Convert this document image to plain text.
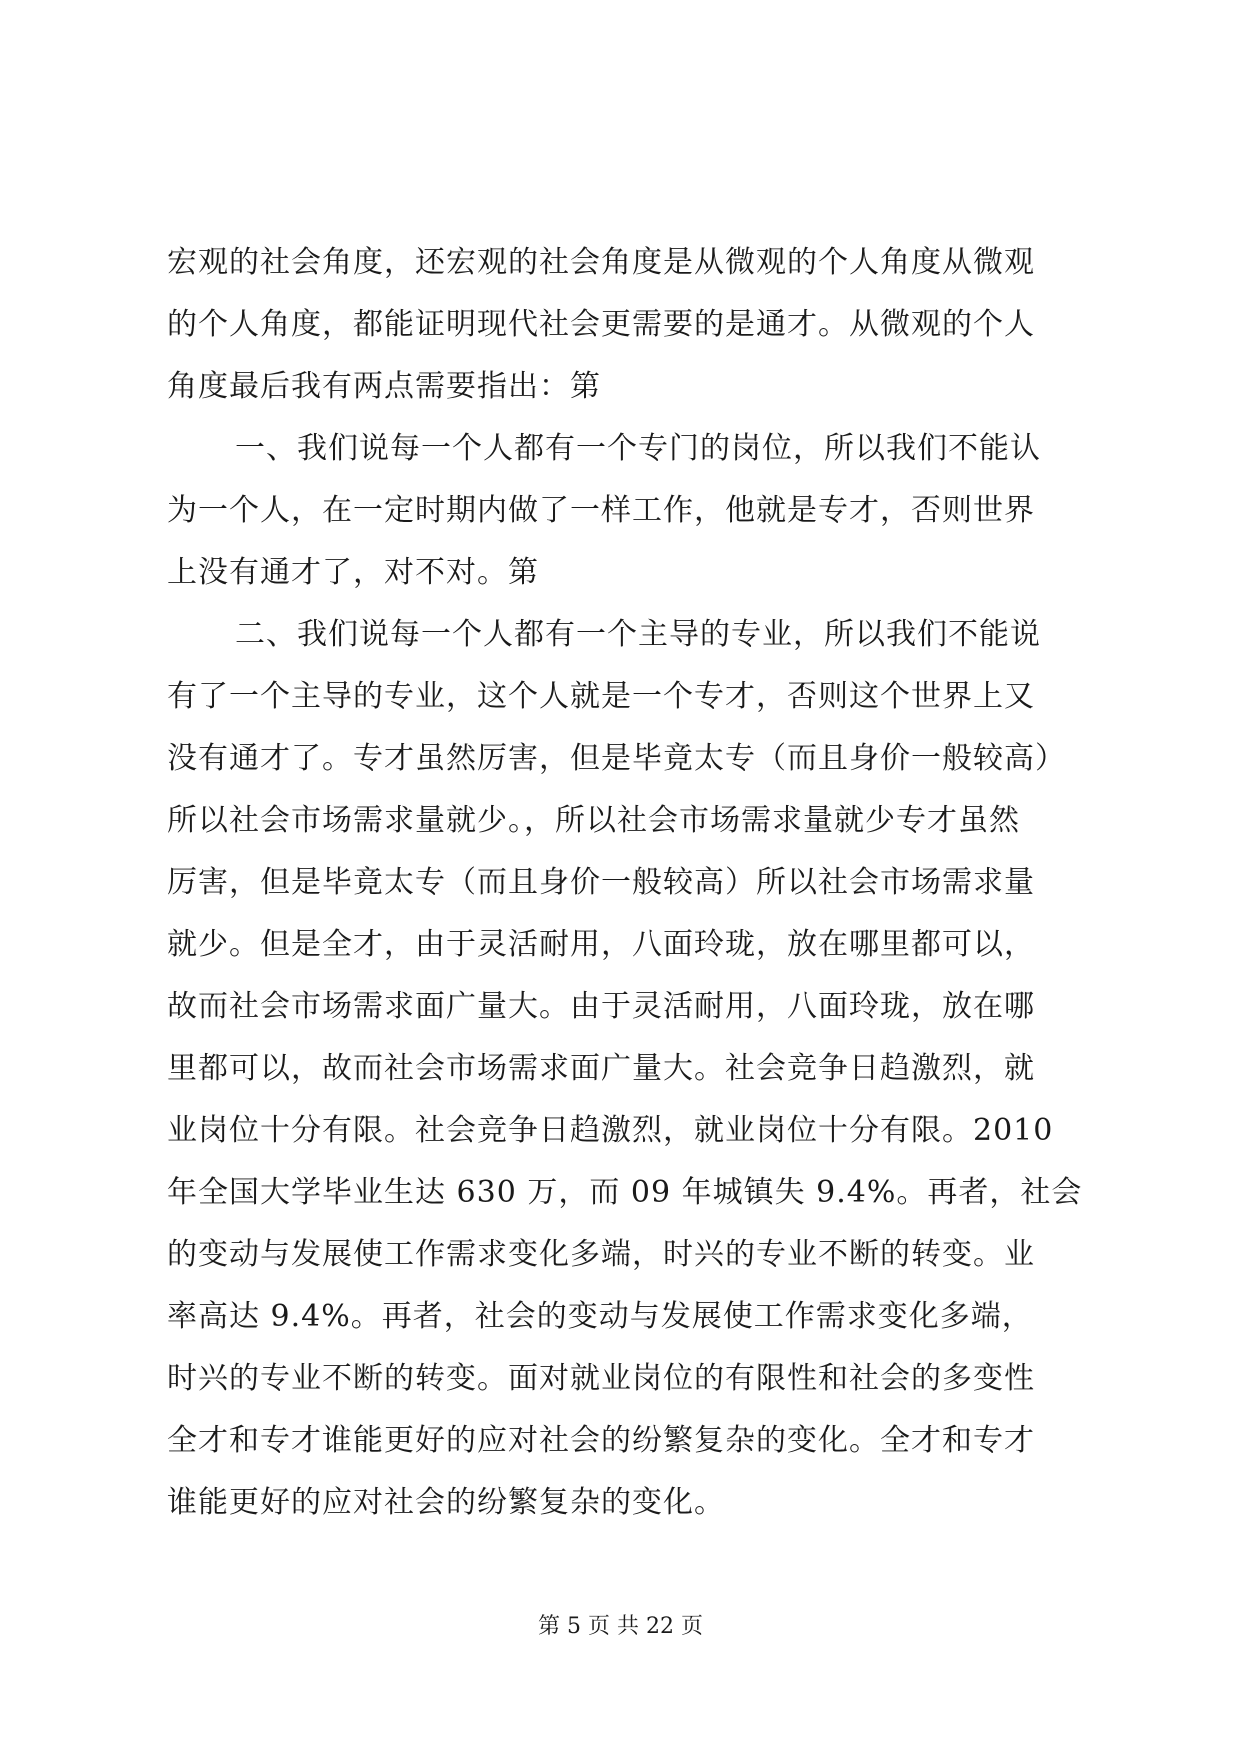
宏观的社会角度，还宏观的社会角度是从微观的个人角度从微观
的个人角度，都能证明现代社会更需要的是通才。从微观的个人
角度最后我有两点需要指出：第
一、我们说每一个人都有一个专门的岗位，所以我们不能认
为一个人，在一定时期内做了一样工作，他就是专才，否则世界
上没有通才了，对不对。第
二、我们说每一个人都有一个主导的专业，所以我们不能说
有了一个主导的专业，这个人就是一个专才，否则这个世界上又
没有通才了。专才虽然厉害，但是毕竟太专（而且身价一般较高）
所以社会市场需求量就少。，所以社会市场需求量就少专才虽然
厉害，但是毕竟太专（而且身价一般较高）所以社会市场需求量
就少。但是全才，由于灵活耐用，八面玲珑，放在哪里都可以，
故而社会市场需求面广量大。由于灵活耐用，八面玲珑，放在哪
里都可以，故而社会市场需求面广量大。社会竞争日趋激烈，就
业岗位十分有限。社会竞争日趋激烈，就业岗位十分有限。2010
年全国大学毕业生达 630 万，而 09 年城镇失 9.4%。再者，社会
的变动与发展使工作需求变化多端，时兴的专业不断的转变。业
率高达 9.4%。再者，社会的变动与发展使工作需求变化多端，
时兴的专业不断的转变。面对就业岗位的有限性和社会的多变性
全才和专才谁能更好的应对社会的纷繁复杂的变化。全才和专才
谁能更好的应对社会的纷繁复杂的变化。
第 5 页 共 22 页
